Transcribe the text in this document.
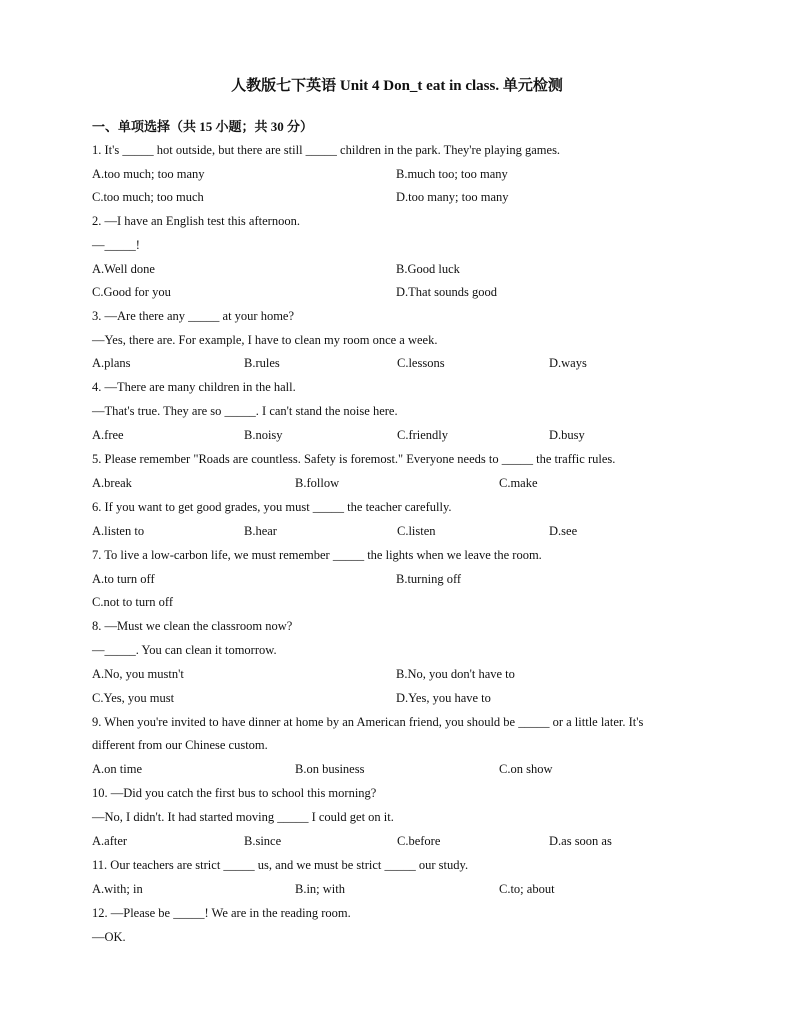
人教版七下英语 Unit 4 Don_t eat in class. 单元检测
一、单项选择（共 15 小题；共 30 分）
1. It's _____ hot outside, but there are still _____ children in the park. They're playing games.
A.too much; too many	B.much too; too many
C.too much; too much	D.too many; too many
2. —I have an English test this afternoon.
—_____!
A.Well done	B.Good luck
C.Good for you	D.That sounds good
3. —Are there any _____ at your home?
—Yes, there are. For example, I have to clean my room once a week.
A.plans	B.rules	C.lessons	D.ways
4. —There are many children in the hall.
—That's true. They are so _____. I can't stand the noise here.
A.free	B.noisy	C.friendly	D.busy
5. Please remember "Roads are countless. Safety is foremost." Everyone needs to _____ the traffic rules.
A.break	B.follow	C.make
6. If you want to get good grades, you must _____ the teacher carefully.
A.listen to	B.hear	C.listen	D.see
7. To live a low-carbon life, we must remember _____ the lights when we leave the room.
A.to turn off	B.turning off
C.not to turn off
8. —Must we clean the classroom now?
—_____. You can clean it tomorrow.
A.No, you mustn't	B.No, you don't have to
C.Yes, you must	D.Yes, you have to
9. When you're invited to have dinner at home by an American friend, you should be _____ or a little later. It's
different from our Chinese custom.
A.on time	B.on business	C.on show
10. —Did you catch the first bus to school this morning?
—No, I didn't. It had started moving _____ I could get on it.
A.after	B.since	C.before	D.as soon as
11. Our teachers are strict _____ us, and we must be strict _____ our study.
A.with; in	B.in; with	C.to; about
12. —Please be _____! We are in the reading room.
—OK.
